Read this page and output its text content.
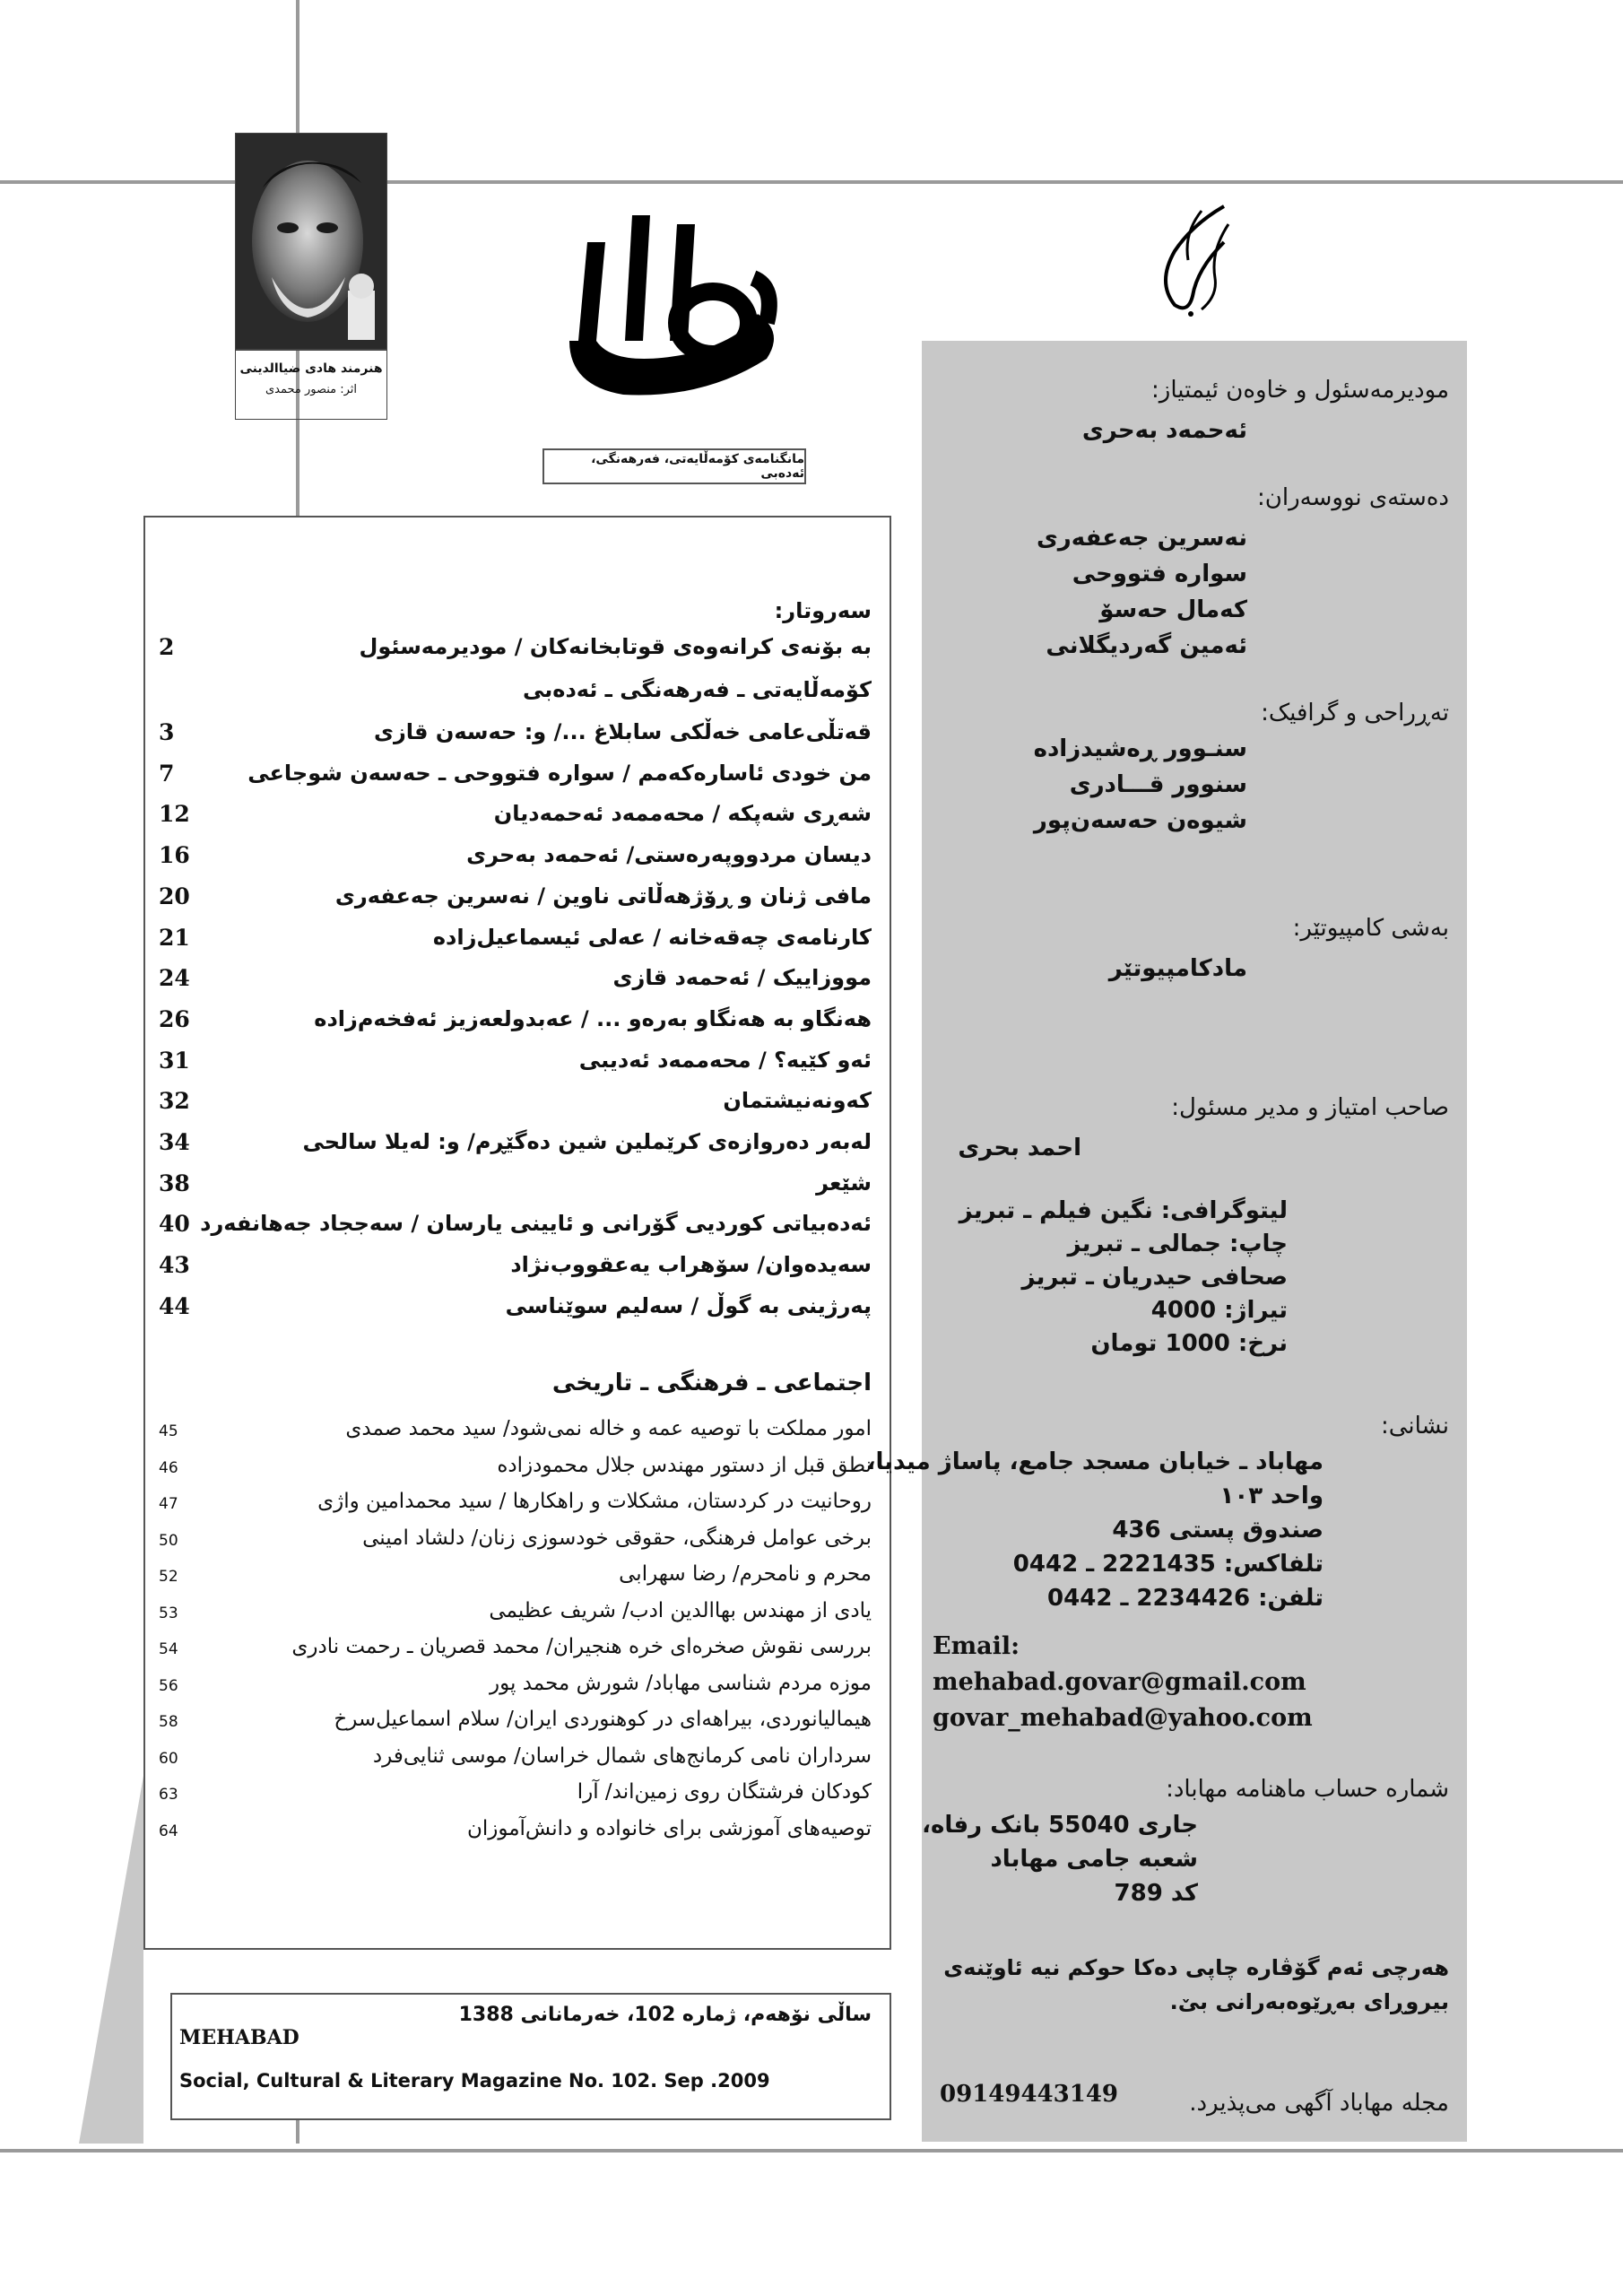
هنرمند هادی ضیاالدینی
اثر: منصور محمدی
مهاباد
مانگنامەی کۆمەڵایەتی، فەرهەنگی، ئەدەبی
بسم الله الرحمن الرحیم
سەروتار:
بە بۆنەی کرانەوەی قوتابخانەکان / مودیرمەسئول
2
کۆمەڵایەتی ـ فەرهەنگی ـ ئەدەبی
قەتڵی‌عامی خەڵکی سابلاغ .../ و: حەسەن قازی
3
من خودی ئاسارەکەمم / سوارە فتووحی ـ حەسەن شوجاعی
7
شەڕی شەپکە / محەممەد ئەحمەدیان
12
دیسان مردووپەرەستی/ ئەحمەد بەحری
16
مافی ژنان و ڕۆژهەڵاتی ناوین / نەسرین جەعفەری
20
کارنامەی چەقەخانە / عەلی ئیسماعیل‌زادە
21
مووزاییک / ئەحمەد قازی
24
هەنگاو بە هەنگاو بەرەو ... / عەبدولعەزیز ئەفخەم‌زادە
26
ئەو کێیە؟ / محەممەد ئەدیبی
31
کەونەنیشتمان
32
لەبەر دەروازەی کرێملین شین دەگێڕم/ و: لەیلا سالحی
34
شێعر
38
ئەدەبیاتی کوردیی گۆرانی و ئایینی یارسان / سەججاد جەهانفەرد
40
سەیدەوان/ سۆهراب یەعقووب‌نژاد
43
پەرژینی بە گوڵ / سەلیم سوێناسی
44
اجتماعی ـ فرهنگی ـ تاریخی
امور مملکت با توصیه عمه و خاله نمی‌شود/ سید محمد صمدی
45
نطق قبل از دستور مهندس جلال محمودزاده
46
روحانیت در کردستان، مشکلات و راهکارها / سید محمدامین واژی
47
برخی عوامل فرهنگی، حقوقی خودسوزی زنان/ دلشاد امینی
50
محرم و نامحرم/ رضا سهرابی
52
یادی از مهندس بهاالدین ادب/ شریف عظیمی
53
بررسی نقوش صخره‌ای خره هنجیران/ محمد قصریان ـ رحمت نادری
54
موزه مردم شناسی مهاباد/ شورش محمد پور
56
هیمالیانوردی، بیراهه‌ای در کوهنوردی ایران/ سلام اسماعیل‌سرخ
58
سرداران نامی کرمانج‌های شمال خراسان/ موسی ثنایی‌فرد
60
کودکان فرشتگان روی زمین‌اند/ آرا
63
توصیه‌های آموزشی برای خانواده و دانش‌آموزان
64
ساڵی نۆهەم، ژمارە 102، خەرمانانی 1388
MEHABAD
Social, Cultural & Literary Magazine No. 102. Sep .2009
مودیرمەسئول و خاوەن ئیمتیاز:
ئەحمەد بەحری
دەستەی نووسەران:
نەسرین جەعفەری
سوارە فتووحی
کەمال حەسۆ
ئەمین گەردیگلانی
تەڕراحی و گرافیک:
سنـوور ڕەشیدزادە
سنوور قـــادری
شیوەن حەسەن‌پور
بەشی کامپیوتێر:
مادکامپیوتێر
صاحب امتیاز و مدیر مسئول:
احمد بحری
لیتوگرافی: نگین فیلم ـ تبریز
چاپ: جمالی ـ تبریز
صحافی حیدریان ـ تبریز
تیراژ: 4000
نرخ: 1000 تومان
نشانی:
مهاباد ـ خیابان مسجد جامع، پاساژ میدیا،
واحد ۱۰۳
صندوق پستی 436
تلفاکس: 2221435 ـ 0442
تلفن: 2234426 ـ 0442
Email:
mehabad.govar@gmail.com
govar_mehabad@yahoo.com
شماره حساب ماهنامه مهاباد:
جاری 55040 بانک رفاه،
شعبه جامی مهاباد
کد 789
هەرچی ئەم گۆڤارە چاپی دەکا حوکم نیە ئاوێنەی
بیروڕای بەڕێوەبەرانی بێ.
مجله مهاباد آگهی می‌پذیرد.
09149443149
